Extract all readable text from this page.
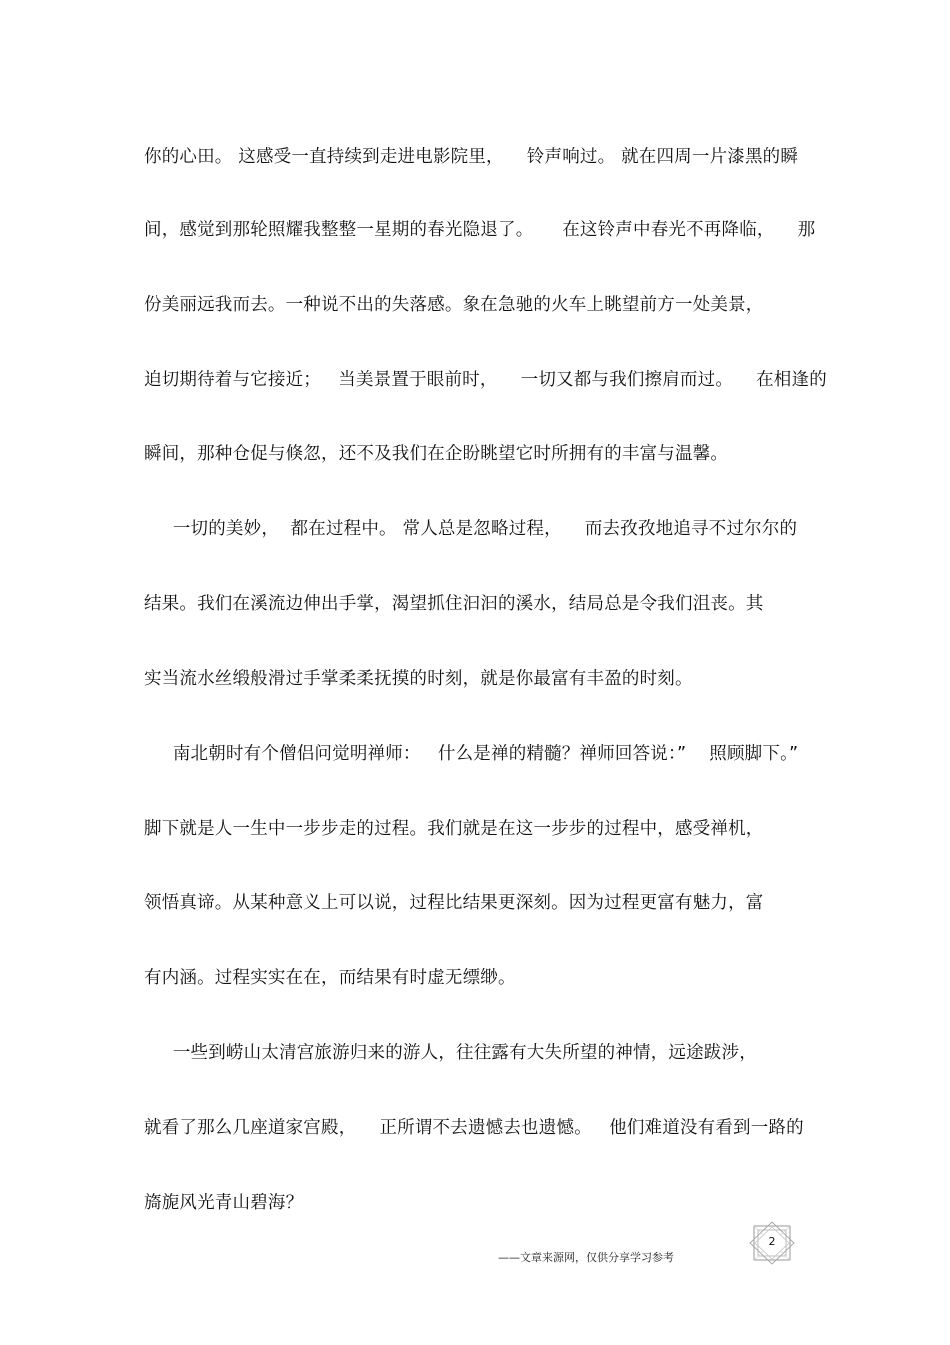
你的心田。 这感受一直持续到走进电影院里，    铃声响过。 就在四周一片漆黑的瞬
间，感觉到那轮照耀我整整一星期的春光隐退了。     在这铃声中春光不再降临，    那
份美丽远我而去。一种说不出的失落感。象在急驰的火车上眺望前方一处美景，
迫切期待着与它接近；   当美景置于眼前时，    一切又都与我们擦肩而过。    在相逢的
瞬间，那种仓促与倏忽，还不及我们在企盼眺望它时所拥有的丰富与温馨。
一切的美妙，  都在过程中。 常人总是忽略过程，    而去孜孜地追寻不过尔尔的
结果。我们在溪流边伸出手掌，渴望抓住汩汩的溪水，结局总是令我们沮丧。其
实当流水丝缎般滑过手掌柔柔抚摸的时刻，就是你最富有丰盈的时刻。
南北朝时有个僧侣问觉明禅师：   什么是禅的精髓？禅师回答说：”    照顾脚下。”
脚下就是人一生中一步步走的过程。我们就是在这一步步的过程中，感受禅机，
领悟真谛。从某种意义上可以说，过程比结果更深刻。因为过程更富有魅力，富
有内涵。过程实实在在，而结果有时虚无缥缈。
一些到崂山太清宫旅游归来的游人，往往露有大失所望的神情，远途跋涉，
就看了那么几座道家宫殿，    正所谓不去遗憾去也遗憾。   他们难道没有看到一路的
旖旎风光青山碧海？
2
——文章来源网，仅供分享学习参考
